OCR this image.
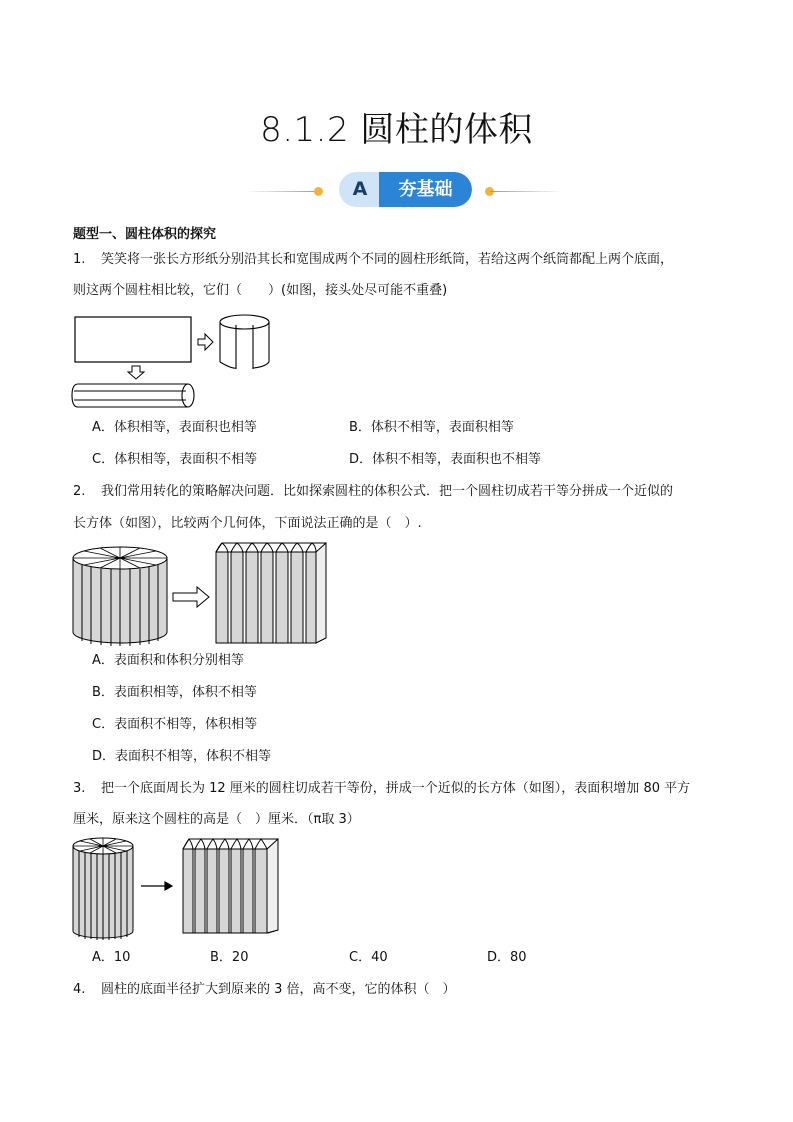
8.1.2 圆柱的体积
A	夯基础
题型一、圆柱体积的探究
1. 笑笑将一张长方形纸分别沿其长和宽围成两个不同的圆柱形纸筒，若给这两个纸筒都配上两个底面，
则这两个圆柱相比较，它们（　　）(如图，接头处尽可能不重叠)
A．体积相等，表面积也相等	B．体积不相等，表面积相等
C．体积相等，表面积不相等	D．体积不相等，表面积也不相等
2. 我们常用转化的策略解决问题．比如探索圆柱的体积公式．把一个圆柱切成若干等分拼成一个近似的
长方体（如图），比较两个几何体，下面说法正确的是（　）.
A．表面积和体积分别相等
B．表面积相等，体积不相等
C．表面积不相等，体积相等
D．表面积不相等，体积不相等
3. 把一个底面周长为 12 厘米的圆柱切成若干等份，拼成一个近似的长方体（如图），表面积增加 80 平方
厘米，原来这个圆柱的高是（　）厘米．（π取 3）
A．10	B．20	C．40	D．80
4. 圆柱的底面半径扩大到原来的 3 倍，高不变，它的体积（　）
